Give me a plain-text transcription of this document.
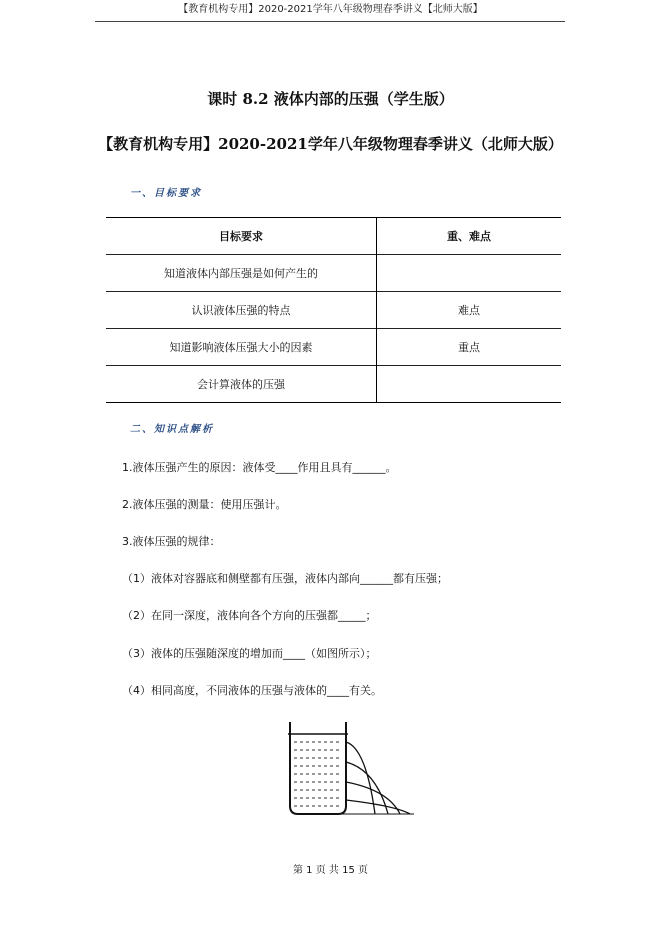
【教育机构专用】2020-2021学年八年级物理春季讲义【北师大版】
课时 8.2 液体内部的压强（学生版）
【教育机构专用】2020-2021学年八年级物理春季讲义（北师大版）
一、目标要求
目标要求	重、难点
知道液体内部压强是如何产生的	
认识液体压强的特点	难点
知道影响液体压强大小的因素	重点
会计算液体的压强	
二、知识点解析
1.液体压强产生的原因：液体受____作用且具有______。
2.液体压强的测量：使用压强计。
3.液体压强的规律：
（1）液体对容器底和侧壁都有压强，液体内部向______都有压强；
（2）在同一深度，液体向各个方向的压强都_____；
（3）液体的压强随深度的增加而____（如图所示）；
（4）相同高度，不同液体的压强与液体的____有关。
第 1 页 共 15 页
